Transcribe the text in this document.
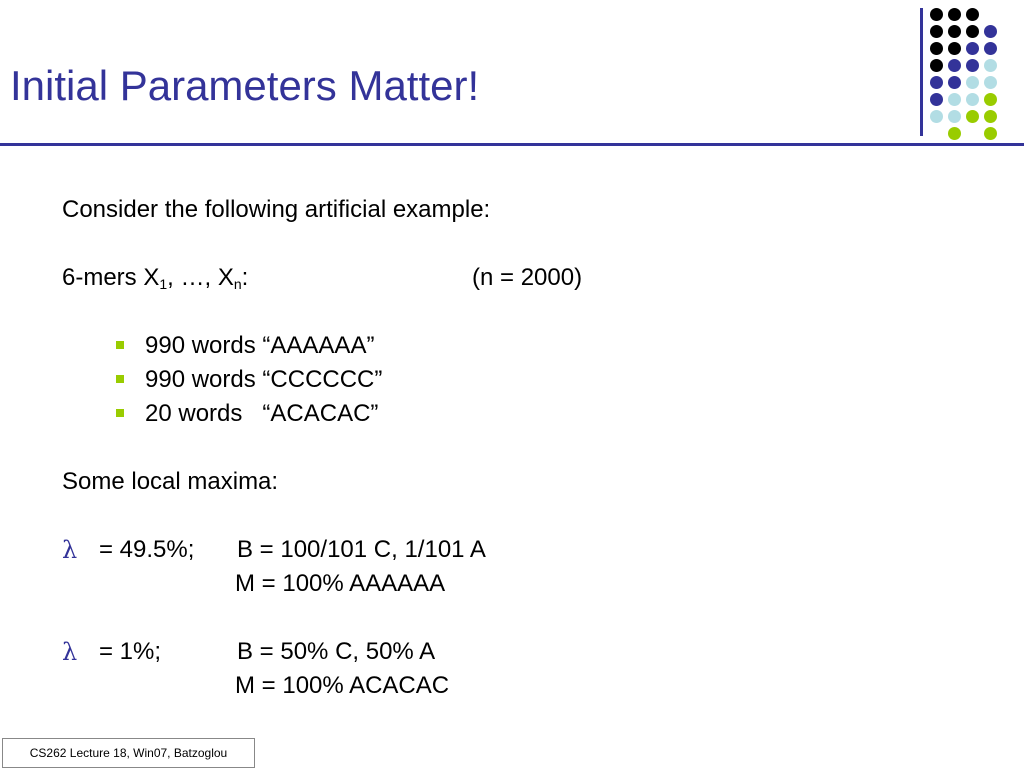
Initial Parameters Matter!
Consider the following artificial example:
6-mers $X_1$, …, $X_n$:	(n = 2000)
990 words “AAAAAA”
990 words “CCCCCC”
20 words “ACACAC”
Some local maxima:
λ = 49.5%; B = 100/101 C, 1/101 A
M = 100% AAAAAA
λ = 1%;	B = 50% C, 50% A
M = 100% ACACAC
CS262 Lecture 18, Win07, Batzoglou
